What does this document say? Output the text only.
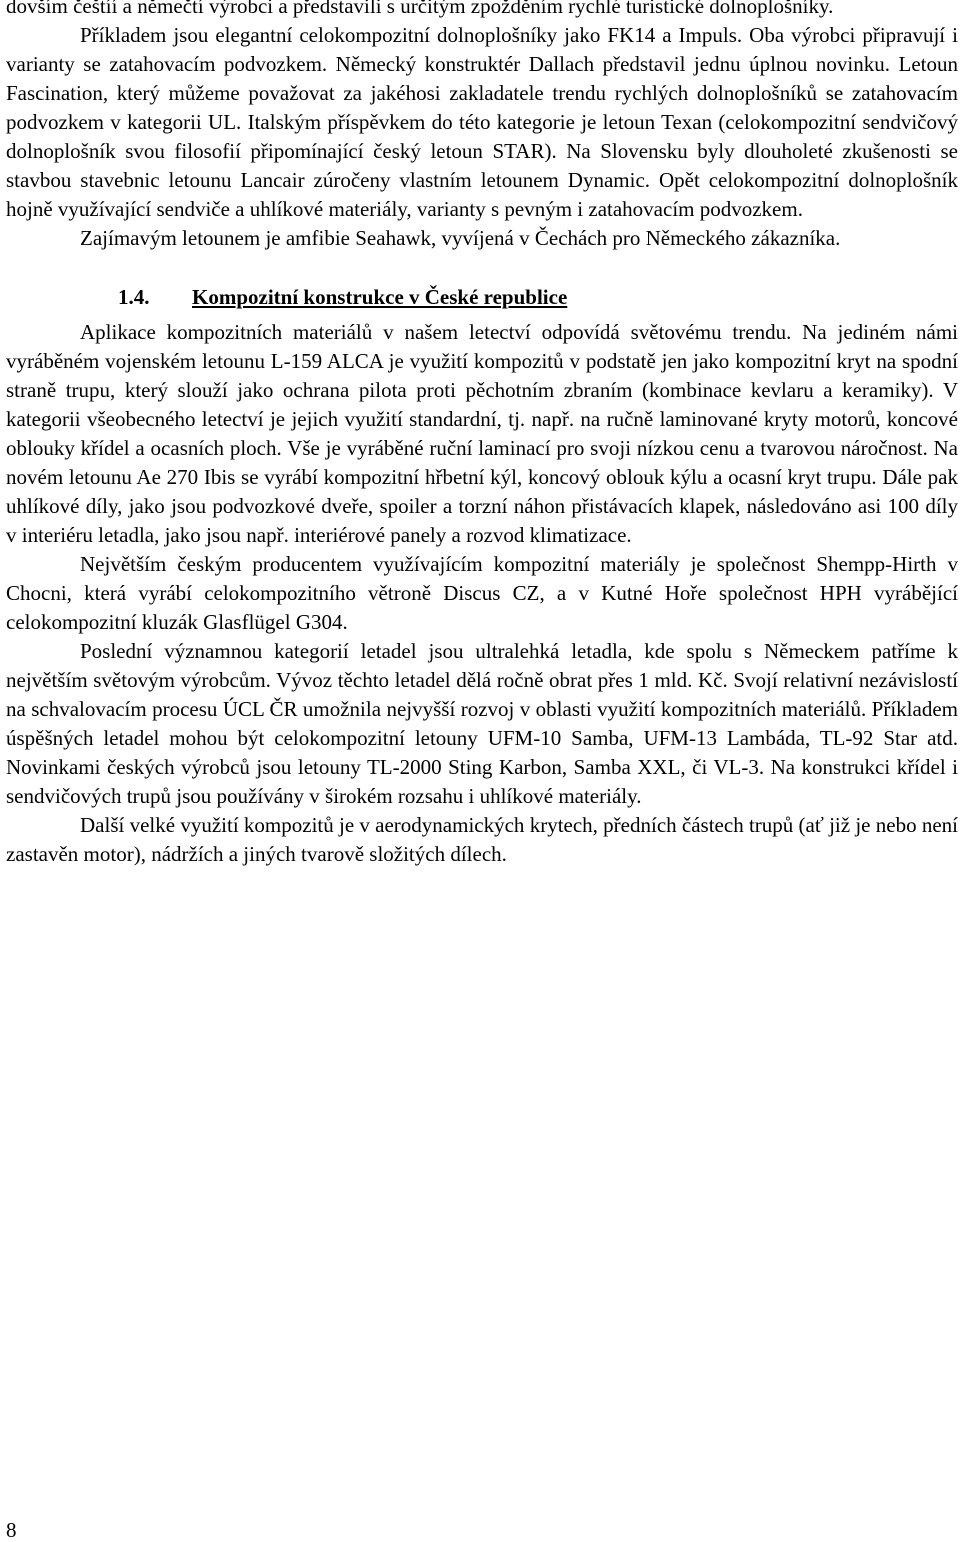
dovším češtíí a němečtí výrobci a představili s určitým zpožděním rychlé turistické dolnoplošníky.

Příkladem jsou elegantní celokompozitní dolnoplošníky jako FK14 a Impuls. Oba výrobci připravují i varianty se zatahovacím podvozkem. Německý konstruktér Dallach představil jednu úplnou novinku. Letoun Fascination, který můžeme považovat za jakéhosi zakladatele trendu rychlých dolnoplošníků se zatahovacím podvozkem v kategorii UL. Italským příspěvkem do této kategorie je letoun Texan (celokompozitní sendvičový dolnoplošník svou filosofií připomínající český letoun STAR). Na Slovensku byly dlouholeté zkušenosti se stavbou stavebnic letounu Lancair zúročeny vlastním letounem Dynamic. Opět celokompozitní dolnoplošník hojně využívající sendviče a uhlíkové materiály, varianty s pevným i zatahovacím podvozkem.

Zajímavým letounem je amfibie Seahawk, vyvíjená v Čechách pro Německého zákazníka.

1.4. Kompozitní konstrukce v České republice

Aplikace kompozitních materiálů v našem letectví odpovídá světovému trendu. Na jediném námi vyráběném vojenském letounu L-159 ALCA je využití kompozitů v podstatě jen jako kompozitní kryt na spodní straně trupu, který slouží jako ochrana pilota proti pěchotním zbraním (kombinace kevlaru a keramiky). V kategorii všeobecného letectví je jejich využití standardní, tj. např. na ručně laminované kryty motorů, koncové oblouky křídel a ocasních ploch. Vše je vyráběné ruční laminací pro svoji nízkou cenu a tvarovou náročnost. Na novém letounu Ae 270 Ibis se vyrábí kompozitní hřbetní kýl, koncový oblouk kýlu a ocasní kryt trupu. Dále pak uhlíkové díly, jako jsou podvozkové dveře, spoiler a torzní náhon přistávacích klapek, následováno asi 100 díly v interiéru letadla, jako jsou např. interiérové panely a rozvod klimatizace.

Největším českým producentem využívajícím kompozitní materiály je společnost Shempp-Hirth v Chocni, která vyrábí celokompozitního větroně Discus CZ, a v Kutné Hoře společnost HPH vyrábějící celokompozitní kluzák Glasflügel G304.

Poslední významnou kategorií letadel jsou ultralehká letadla, kde spolu s Německem patříme k největším světovým výrobcům. Vývoz těchto letadel dělá ročně obrat přes 1 mld. Kč. Svojí relativní nezávislostí na schvalovacím procesu ÚCL ČR umožnila nejvyšší rozvoj v oblasti využití kompozitních materiálů. Příkladem úspěšných letadel mohou být celokompozitní letouny UFM-10 Samba, UFM-13 Lambáda, TL-92 Star atd. Novinkami českých výrobců jsou letouny TL-2000 Sting Karbon, Samba XXL, či VL-3. Na konstrukci křídel i sendvičových trupů jsou používány v širokém rozsahu i uhlíkové materiály.

Další velké využití kompozitů je v aerodynamických krytech, předních částech trupů (ať již je nebo není zastavěn motor), nádržích a jiných tvarově složitých dílech.

8
